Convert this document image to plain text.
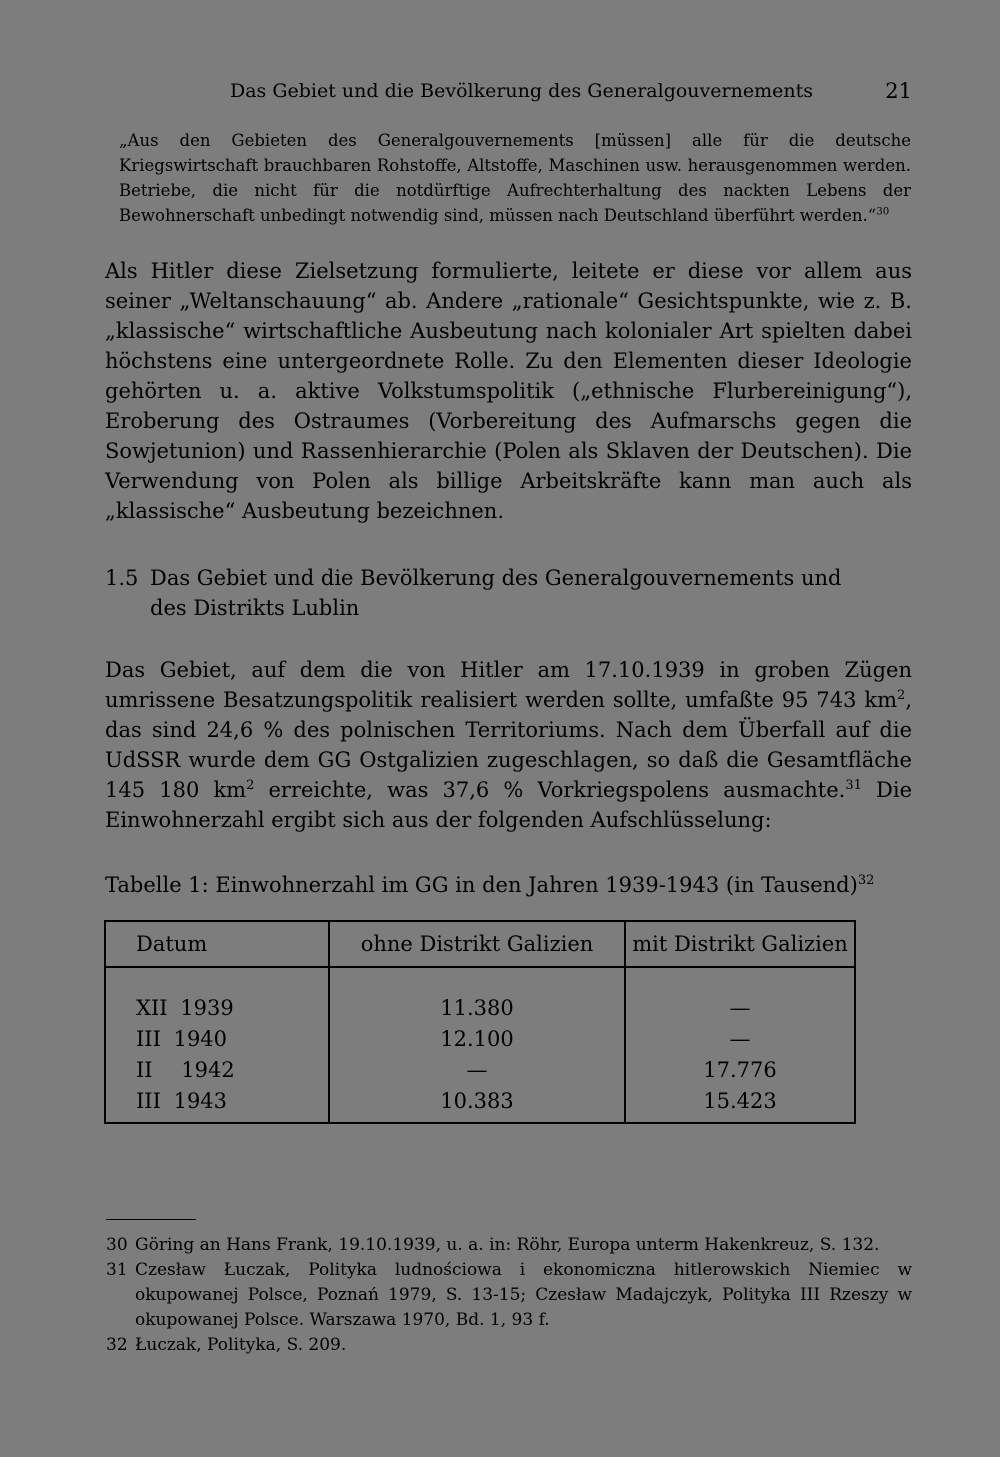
Das Gebiet und die Bevölkerung des Generalgouvernements	21

„Aus den Gebieten des Generalgouvernements [müssen] alle für die deutsche Kriegswirtschaft brauchbaren Rohstoffe, Altstoffe, Maschinen usw. herausgenommen werden. Betriebe, die nicht für die notdürftige Aufrechterhaltung des nackten Lebens der Bewohnerschaft unbedingt notwendig sind, müssen nach Deutschland überführt werden.“$^{30}$

Als Hitler diese Zielsetzung formulierte, leitete er diese vor allem aus seiner „Weltanschauung“ ab. Andere „rationale“ Gesichtspunkte, wie z. B. „klassische“ wirtschaftliche Ausbeutung nach kolonialer Art spielten dabei höchstens eine untergeordnete Rolle. Zu den Elementen dieser Ideologie gehörten u. a. aktive Volkstumspolitik („ethnische Flurbereinigung“), Eroberung des Ostraumes (Vorbereitung des Aufmarschs gegen die Sowjetunion) und Rassenhierarchie (Polen als Sklaven der Deutschen). Die Verwendung von Polen als billige Arbeitskräfte kann man auch als „klassische“ Ausbeutung bezeichnen.

1.5 Das Gebiet und die Bevölkerung des Generalgouvernements und des Distrikts Lublin

Das Gebiet, auf dem die von Hitler am 17.10.1939 in groben Zügen umrissene Besatzungspolitik realisiert werden sollte, umfaßte 95 743 $km^2$, das sind 24,6 % des polnischen Territoriums. Nach dem Überfall auf die UdSSR wurde dem GG Ostgalizien zugeschlagen, so daß die Gesamtfläche 145 180 $km^2$ erreichte, was 37,6 % Vorkriegspolens ausmachte.$^{31}$ Die Einwohnerzahl ergibt sich aus der folgenden Aufschlüsselung:

Tabelle 1: Einwohnerzahl im GG in den Jahren 1939-1943 (in Tausend)$^{32}$
Datum	ohne Distrikt Galizien	mit Distrikt Galizien
XII 1939	11.380	—
III 1940	12.100	—
II 1942	—	17.776
III 1943	10.383	15.423
30 Göring an Hans Frank, 19.10.1939, u. a. in: Röhr, Europa unterm Hakenkreuz, S. 132.
31 Czesław Łuczak, Polityka ludnościowa i ekonomiczna hitlerowskich Niemiec w okupowanej Polsce, Poznań 1979, S. 13-15; Czesław Madajczyk, Polityka III Rzeszy w okupowanej Polsce. Warszawa 1970, Bd. 1, 93 f.
32 Łuczak, Polityka, S. 209.
